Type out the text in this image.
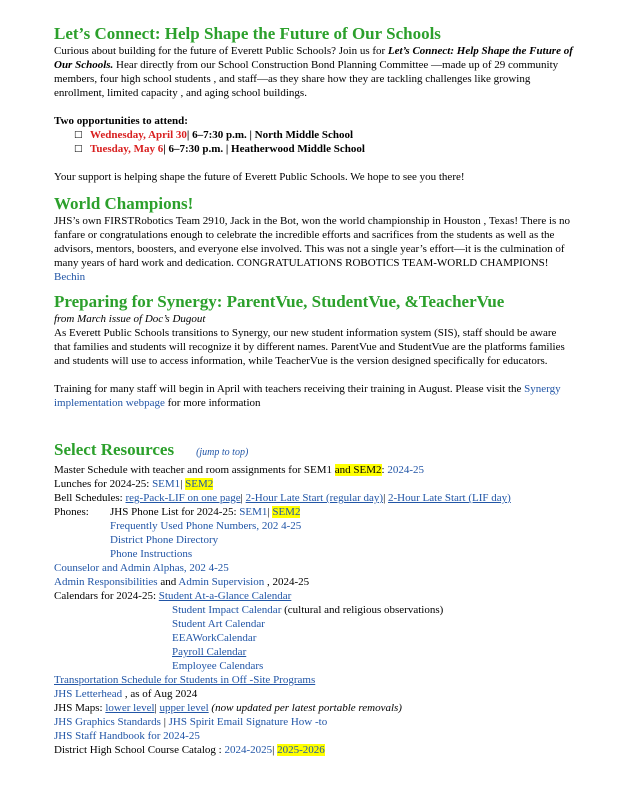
Let’s Connect: Help Shape the Future of Our Schools

Curious about building for the future of Everett Public Schools? Join us for Let’s Connect: Help Shape the Future of Our Schools. Hear directly from our School Construction Bond Planning Committee —made up of 29 community members, four high school students , and staff—as they share how they are tackling challenges like growing enrollment, limited capacity , and aging school buildings.

Two opportunities to attend:

□ Wednesday, April 30| 6–7:30 p.m. | North Middle School
□ Tuesday, May 6| 6–7:30 p.m. | Heatherwood Middle School

Your support is helping shape the future of Everett Public Schools. We hope to see you there!

World Champions!

JHS’s own FIRSTRobotics Team 2910, Jack in the Bot, won the world championship in Houston , Texas! There is no fanfare or congratulations enough to celebrate the incredible efforts and sacrifices from the students as well as the advisors, mentors, boosters, and everyone else involved. This was not a single year’s effort—it is the culmination of many years of hard work and dedication. CONGRATULATIONS ROBOTICS TEAM-WORLD CHAMPIONS! Bechin

Preparing for Synergy: ParentVue, StudentVue, &TeacherVue

from March issue of Doc’s Dugout

As Everett Public Schools transitions to Synergy, our new student information system (SIS), staff should be aware that families and students will recognize it by different names. ParentVue and StudentVue are the platforms families and students will use to access information, while TeacherVue is the version designed specifically for educators.

Training for many staff will begin in April with teachers receiving their training in August. Please visit the Synergy implementation webpage for more information

Select Resources (jump to top)

Master Schedule with teacher and room assignments for SEM1 and SEM2: 2024-25

Lunches for 2024-25: SEM1| SEM2

Bell Schedules: reg-Pack-LIF on one page| 2-Hour Late Start (regular day)| 2-Hour Late Start (LIF day)

Phones:	JHS Phone List for 2024-25: SEM1| SEM2

Frequently Used Phone Numbers, 202 4-25

District Phone Directory

Phone Instructions

Counselor and Admin Alphas, 202 4-25

Admin Responsibilities and Admin Supervision , 2024-25

Calendars for 2024-25: Student At-a-Glance Calendar

Student Impact Calendar (cultural and religious observations)

Student Art Calendar

EEAWorkCalendar

Payroll Calendar

Employee Calendars

Transportation Schedule for Students in Off -Site Programs

JHS Letterhead , as of Aug 2024

JHS Maps: lower level| upper level (now updated per latest portable removals)

JHS Graphics Standards | JHS Spirit Email Signature How -to

JHS Staff Handbook for 2024-25

District High School Course Catalog : 2024-2025| 2025-2026
